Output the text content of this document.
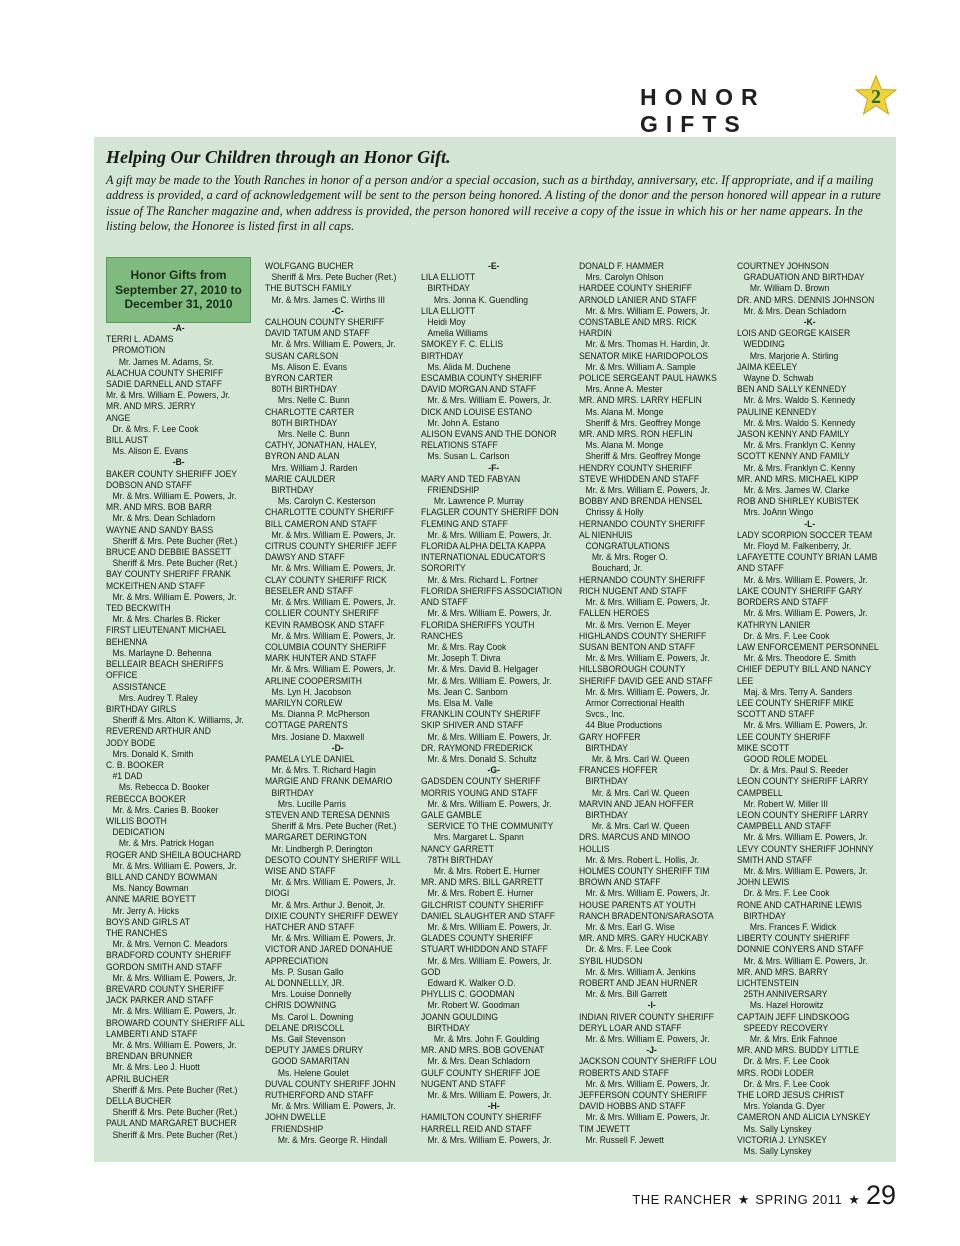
HONOR GIFTS
2
Helping Our Children through an Honor Gift.
A gift may be made to the Youth Ranches in honor of a person and/or a special occasion, such as a birthday, anniversary, etc. If appropriate, and if a mailing address is provided, a card of acknowledgement will be sent to the person being honored. A listing of the donor and the person honored will appear in a ruture issue of The Rancher magazine and, when address is provided, the person honored will receive a copy of the issue in which his or her name appears. In the listing below, the Honoree is listed first in all caps.
Honor Gifts from September 27, 2010 to December 31, 2010
-A-
TERRI L. ADAMS
PROMOTION
Mr. James M. Adams, Sr.
ALACHUA COUNTY SHERIFF
SADIE DARNELL AND STAFF
Mr. & Mrs. William E. Powers, Jr.
MR. AND MRS. JERRY
ANGE
Dr. & Mrs. F. Lee Cook
BILL AUST
Ms. Alison E. Evans
-B-
BAKER COUNTY SHERIFF JOEY
DOBSON AND STAFF
Mr. & Mrs. William E. Powers, Jr.
MR. AND MRS. BOB BARR
Mr. & Mrs. Dean Schladorn
WAYNE AND SANDY BASS
Sheriff & Mrs. Pete Bucher (Ret.)
BRUCE AND DEBBIE BASSETT
Sheriff & Mrs. Pete Bucher (Ret.)
BAY COUNTY SHERIFF FRANK
MCKEITHEN AND STAFF
Mr. & Mrs. William E. Powers, Jr.
TED BECKWITH
Mr. & Mrs. Charles B. Ricker
FIRST LIEUTENANT MICHAEL
BEHENNA
Ms. Marlayne D. Behenna
BELLEAIR BEACH SHERIFFS
OFFICE
ASSISTANCE
Mrs. Audrey T. Raley
BIRTHDAY GIRLS
Sheriff & Mrs. Alton K. Williams, Jr.
REVEREND ARTHUR AND
JODY BODE
Mrs. Donald K. Smith
C. B. BOOKER
#1 DAD
Ms. Rebecca D. Booker
REBECCA BOOKER
Mr. & Mrs. Caries B. Booker
WILLIS BOOTH
DEDICATION
Mr. & Mrs. Patrick Hogan
ROGER AND SHEILA BOUCHARD
Mr. & Mrs. William E. Powers, Jr.
BILL AND CANDY BOWMAN
Ms. Nancy Bowman
ANNE MARIE BOYETT
Mr. Jerry A. Hicks
BOYS AND GIRLS AT
THE RANCHES
Mr. & Mrs. Vernon C. Meadors
BRADFORD COUNTY SHERIFF
GORDON SMITH AND STAFF
Mr. & Mrs. William E. Powers, Jr.
BREVARD COUNTY SHERIFF
JACK PARKER AND STAFF
Mr. & Mrs. William E. Powers, Jr.
BROWARD COUNTY SHERIFF ALL
LAMBERTI AND STAFF
Mr. & Mrs. William E. Powers, Jr.
BRENDAN BRUNNER
Mr. & Mrs. Leo J. Huott
APRIL BUCHER
Sheriff & Mrs. Pete Bucher (Ret.)
DELLA BUCHER
Sheriff & Mrs. Pete Bucher (Ret.)
PAUL AND MARGARET BUCHER
Sheriff & Mrs. Pete Bucher (Ret.)
WOLFGANG BUCHER
Sheriff & Mrs. Pete Bucher (Ret.)
THE BUTSCH FAMILY
Mr. & Mrs. James C. Wirths III
-C-
CALHOUN COUNTY SHERIFF
DAVID TATUM AND STAFF
Mr. & Mrs. William E. Powers, Jr.
SUSAN CARLSON
Ms. Alison E. Evans
BYRON CARTER
80TH BIRTHDAY
Mrs. Nelle C. Bunn
CHARLOTTE CARTER
80TH BIRTHDAY
Mrs. Nelle C. Bunn
CATHY, JONATHAN, HALEY,
BYRON AND ALAN
Mrs. William J. Rarden
MARIE CAULDER
BIRTHDAY
Ms. Carolyn C. Kesterson
CHARLOTTE COUNTY SHERIFF
BILL CAMERON AND STAFF
Mr. & Mrs. William E. Powers, Jr.
CITRUS COUNTY SHERIFF JEFF
DAWSY AND STAFF
Mr. & Mrs. William E. Powers, Jr.
CLAY COUNTY SHERIFF RICK
BESELER AND STAFF
Mr. & Mrs. William E. Powers, Jr.
COLLIER COUNTY SHERIFF
KEVIN RAMBOSK AND STAFF
Mr. & Mrs. William E. Powers, Jr.
COLUMBIA COUNTY SHERIFF
MARK HUNTER AND STAFF
Mr. & Mrs. William E. Powers, Jr.
ARLINE COOPERSMITH
Ms. Lyn H. Jacobson
MARILYN CORLEW
Ms. Dianna P. McPherson
COTTAGE PARENTS
Mrs. Josiane D. Maxwell
-D-
PAMELA LYLE DANIEL
Mr. & Mrs. T. Richard Hagin
MARGIE AND FRANK DEMARIO
BIRTHDAY
Mrs. Lucille Parris
STEVEN AND TERESA DENNIS
Sheriff & Mrs. Pete Bucher (Ret.)
MARGARET DERINGTON
Mr. Lindbergh P. Derington
DESOTO COUNTY SHERIFF WILL
WISE AND STAFF
Mr. & Mrs. William E. Powers, Jr.
DIOGI
Mr. & Mrs. Arthur J. Benoit, Jr.
DIXIE COUNTY SHERIFF DEWEY
HATCHER AND STAFF
Mr. & Mrs. William E. Powers, Jr.
VICTOR AND JARED DONAHUE
APPRECIATION
Ms. P. Susan Gallo
AL DONNELLLY, JR.
Mrs. Louise Donnelly
CHRIS DOWNING
Ms. Carol L. Downing
DELANE DRISCOLL
Ms. Gail Stevenson
DEPUTY JAMES DRURY
GOOD SAMARITAN
Ms. Helene Goulet
DUVAL COUNTY SHERIFF JOHN
RUTHERFORD AND STAFF
Mr. & Mrs. William E. Powers, Jr.
JOHN DWELLE
FRIENDSHIP
Mr. & Mrs. George R. Hindall
-E-
LILA ELLIOTT
BIRTHDAY
Mrs. Jonna K. Guendling
LILA ELLIOTT
Heidi Moy
Amelia Williams
SMOKEY F. C. ELLIS
BIRTHDAY
Ms. Alida M. Duchene
ESCAMBIA COUNTY SHERIFF
DAVID MORGAN AND STAFF
Mr. & Mrs. William E. Powers, Jr.
DICK AND LOUISE ESTANO
Mr. John A. Estano
ALISON EVANS AND THE DONOR
RELATIONS STAFF
Ms. Susan L. Carlson
-F-
MARY AND TED FABYAN
FRIENDSHIP
Mr. Lawrence P. Murray
FLAGLER COUNTY SHERIFF DON
FLEMING AND STAFF
Mr. & Mrs. William E. Powers, Jr.
FLORIDA ALPHA DELTA KAPPA
INTERNATIONAL EDUCATOR'S
SORORITY
Mr. & Mrs. Richard L. Fortner
FLORIDA SHERIFFS ASSOCIATION
AND STAFF
Mr. & Mrs. William E. Powers, Jr.
FLORIDA SHERIFFS YOUTH
RANCHES
Mr. & Mrs. Ray Cook
Mr. Joseph T. Divra
Mr. & Mrs. David B. Helgager
Mr. & Mrs. William E. Powers, Jr.
Ms. Jean C. Sanborn
Ms. Elsa M. Valle
FRANKLIN COUNTY SHERIFF
SKIP SHIVER AND STAFF
Mr. & Mrs. William E. Powers, Jr.
DR. RAYMOND FREDERICK
Mr. & Mrs. Donald S. Schultz
-G-
GADSDEN COUNTY SHERIFF
MORRIS YOUNG AND STAFF
Mr. & Mrs. William E. Powers, Jr.
GALE GAMBLE
SERVICE TO THE COMMUNITY
Mrs. Margaret L. Spann
NANCY GARRETT
78TH BIRTHDAY
Mr. & Mrs. Robert E. Hurner
MR. AND MRS. BILL GARRETT
Mr. & Mrs. Robert E. Hurner
GILCHRIST COUNTY SHERIFF
DANIEL SLAUGHTER AND STAFF
Mr. & Mrs. William E. Powers, Jr.
GLADES COUNTY SHERIFF
STUART WHIDDON AND STAFF
Mr. & Mrs. William E. Powers, Jr.
GOD
Edward K. Walker O.D.
PHYLLIS C. GOODMAN
Mr. Robert W. Goodman
JOANN GOULDING
BIRTHDAY
Mr. & Mrs. John F. Goulding
MR. AND MRS. BOB GOVENAT
Mr. & Mrs. Dean Schladorn
GULF COUNTY SHERIFF JOE
NUGENT AND STAFF
Mr. & Mrs. William E. Powers, Jr.
-H-
HAMILTON COUNTY SHERIFF
HARRELL REID AND STAFF
Mr. & Mrs. William E. Powers, Jr.
DONALD F. HAMMER
Mrs. Carolyn Ohlson
HARDEE COUNTY SHERIFF
ARNOLD LANIER AND STAFF
Mr. & Mrs. William E. Powers, Jr.
CONSTABLE AND MRS. RICK
HARDIN
Mr. & Mrs. Thomas H. Hardin, Jr.
SENATOR MIKE HARIDOPOLOS
Mr. & Mrs. William A. Sample
POLICE SERGEANT PAUL HAWKS
Mrs. Anne A. Mester
MR. AND MRS. LARRY HEFLIN
Ms. Alana M. Monge
Sheriff & Mrs. Geoffrey Monge
MR. AND MRS. RON HEFLIN
Ms. Alana M. Monge
Sheriff & Mrs. Geoffrey Monge
HENDRY COUNTY SHERIFF
STEVE WHIDDEN AND STAFF
Mr. & Mrs. William E. Powers, Jr.
BOBBY AND BRENDA HENSEL
Chrissy & Holly
HERNANDO COUNTY SHERIFF
AL NIENHUIS
CONGRATULATIONS
Mr. & Mrs. Roger O.
Bouchard, Jr.
HERNANDO COUNTY SHERIFF
RICH NUGENT AND STAFF
Mr. & Mrs. William E. Powers, Jr.
FALLEN HEROES
Mr. & Mrs. Vernon E. Meyer
HIGHLANDS COUNTY SHERIFF
SUSAN BENTON AND STAFF
Mr. & Mrs. William E. Powers, Jr.
HILLSBOROUGH COUNTY
SHERIFF DAVID GEE AND STAFF
Mr. & Mrs. William E. Powers, Jr.
Armor Correctional Health
Svcs., Inc.
44 Blue Productions
GARY HOFFER
BIRTHDAY
Mr. & Mrs. Carl W. Queen
FRANCES HOFFER
BIRTHDAY
Mr. & Mrs. Carl W. Queen
MARVIN AND JEAN HOFFER
BIRTHDAY
Mr. & Mrs. Carl W. Queen
DRS. MARCUS AND MINOO
HOLLIS
Mr. & Mrs. Robert L. Hollis, Jr.
HOLMES COUNTY SHERIFF TIM
BROWN AND STAFF
Mr. & Mrs. William E. Powers, Jr.
HOUSE PARENTS AT YOUTH
RANCH BRADENTON/SARASOTA
Mr. & Mrs. Earl G. Wise
MR. AND MRS. GARY HUCKABY
Dr. & Mrs. F. Lee Cook
SYBIL HUDSON
Mr. & Mrs. William A. Jenkins
ROBERT AND JEAN HURNER
Mr. & Mrs. Bill Garrett
-I-
INDIAN RIVER COUNTY SHERIFF
DERYL LOAR AND STAFF
Mr. & Mrs. William E. Powers, Jr.
-J-
JACKSON COUNTY SHERIFF LOU
ROBERTS AND STAFF
Mr. & Mrs. William E. Powers, Jr.
JEFFERSON COUNTY SHERIFF
DAVID HOBBS AND STAFF
Mr. & Mrs. William E. Powers, Jr.
TIM JEWETT
Mr. Russell F. Jewett
COURTNEY JOHNSON
GRADUATION AND BIRTHDAY
Mr. William D. Brown
DR. AND MRS. DENNIS JOHNSON
Mr. & Mrs. Dean Schladorn
-K-
LOIS AND GEORGE KAISER
WEDDING
Mrs. Marjorie A. Stirling
JAIMA KEELEY
Wayne D. Schwab
BEN AND SALLY KENNEDY
Mr. & Mrs. Waldo S. Kennedy
PAULINE KENNEDY
Mr. & Mrs. Waldo S. Kennedy
JASON KENNY AND FAMILY
Mr. & Mrs. Franklyn C. Kenny
SCOTT KENNY AND FAMILY
Mr. & Mrs. Franklyn C. Kenny
MR. AND MRS. MICHAEL KIPP
Mr. & Mrs. James W. Clarke
ROB AND SHIRLEY KUBISTEK
Mrs. JoAnn Wingo
-L-
LADY SCORPION SOCCER TEAM
Mr. Floyd M. Falkenberry, Jr.
LAFAYETTE COUNTY BRIAN LAMB
AND STAFF
Mr. & Mrs. William E. Powers, Jr.
LAKE COUNTY SHERIFF GARY
BORDERS AND STAFF
Mr. & Mrs. William E. Powers, Jr.
KATHRYN LANIER
Dr. & Mrs. F. Lee Cook
LAW ENFORCEMENT PERSONNEL
Mr. & Mrs. Theodore E. Smith
CHIEF DEPUTY BILL AND NANCY
LEE
Maj. & Mrs. Terry A. Sanders
LEE COUNTY SHERIFF MIKE
SCOTT AND STAFF
Mr. & Mrs. William E. Powers, Jr.
LEE COUNTY SHERIFF
MIKE SCOTT
GOOD ROLE MODEL
Dr. & Mrs. Paul S. Reeder
LEON COUNTY SHERIFF LARRY
CAMPBELL
Mr. Robert W. Miller III
LEON COUNTY SHERIFF LARRY
CAMPBELL AND STAFF
Mr. & Mrs. William E. Powers, Jr.
LEVY COUNTY SHERIFF JOHNNY
SMITH AND STAFF
Mr. & Mrs. William E. Powers, Jr.
JOHN LEWIS
Dr. & Mrs. F. Lee Cook
RONE AND CATHARINE LEWIS
BIRTHDAY
Mrs. Frances F. Widick
LIBERTY COUNTY SHERIFF
DONNIE CONYERS AND STAFF
Mr. & Mrs. William E. Powers, Jr.
MR. AND MRS. BARRY
LICHTENSTEIN
25TH ANNIVERSARY
Ms. Hazel Horowitz
CAPTAIN JEFF LINDSKOOG
SPEEDY RECOVERY
Mr. & Mrs. Erik Fahnoe
MR. AND MRS. BUDDY LITTLE
Dr. & Mrs. F. Lee Cook
MRS. RODI LODER
Dr. & Mrs. F. Lee Cook
THE LORD JESUS CHRIST
Mrs. Yolanda G. Dyer
CAMERON AND ALICIA LYNSKEY
Ms. Sally Lynskey
VICTORIA J. LYNSKEY
Ms. Sally Lynskey
THE RANCHER ★ SPRING 2011 ★ 29
